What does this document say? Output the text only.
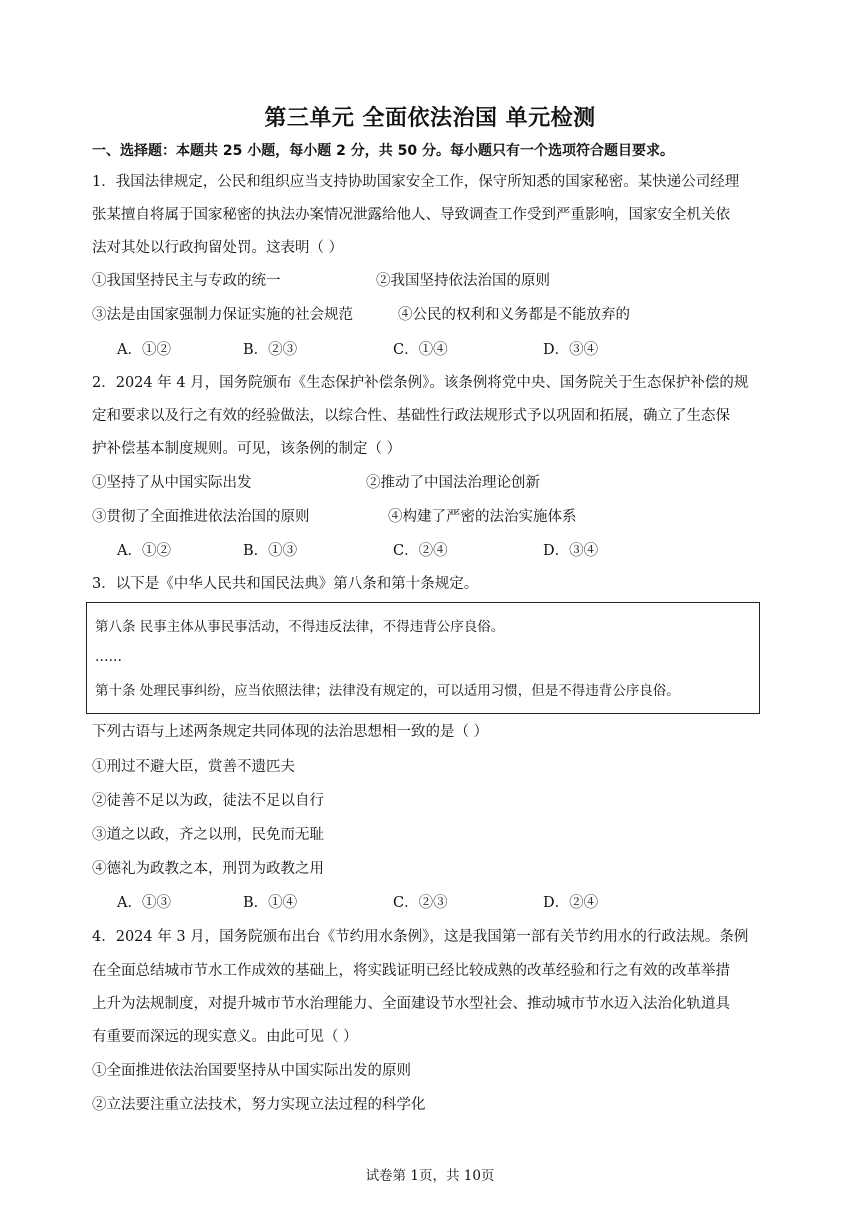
第三单元 全面依法治国 单元检测
一、选择题：本题共 25 小题，每小题 2 分，共 50 分。每小题只有一个选项符合题目要求。
1．我国法律规定，公民和组织应当支持协助国家安全工作，保守所知悉的国家秘密。某快递公司经理
张某擅自将属于国家秘密的执法办案情况泄露给他人、导致调查工作受到严重影响，国家安全机关依
法对其处以行政拘留处罚。这表明（ ）
①我国坚持民主与专政的统一	②我国坚持依法治国的原则
③法是由国家强制力保证实施的社会规范	④公民的权利和义务都是不能放弃的
A．①②	B．②③	C．①④	D．③④
2．2024 年 4 月，国务院颁布《生态保护补偿条例》。该条例将党中央、国务院关于生态保护补偿的规
定和要求以及行之有效的经验做法，以综合性、基础性行政法规形式予以巩固和拓展，确立了生态保
护补偿基本制度规则。可见，该条例的制定（ ）
①坚持了从中国实际出发	②推动了中国法治理论创新
③贯彻了全面推进依法治国的原则	④构建了严密的法治实施体系
A．①②	B．①③	C．②④	D．③④
3．以下是《中华人民共和国民法典》第八条和第十条规定。
第八条 民事主体从事民事活动，不得违反法律，不得违背公序良俗。
……
第十条 处理民事纠纷，应当依照法律；法律没有规定的，可以适用习惯，但是不得违背公序良俗。
下列古语与上述两条规定共同体现的法治思想相一致的是（ ）
①刑过不避大臣，赏善不遗匹夫
②徒善不足以为政，徒法不足以自行
③道之以政，齐之以刑，民免而无耻
④德礼为政教之本，刑罚为政教之用
A．①③	B．①④	C．②③	D．②④
4．2024 年 3 月，国务院颁布出台《节约用水条例》，这是我国第一部有关节约用水的行政法规。条例
在全面总结城市节水工作成效的基础上，将实践证明已经比较成熟的改革经验和行之有效的改革举措
上升为法规制度，对提升城市节水治理能力、全面建设节水型社会、推动城市节水迈入法治化轨道具
有重要而深远的现实意义。由此可见（ ）
①全面推进依法治国要坚持从中国实际出发的原则
②立法要注重立法技术，努力实现立法过程的科学化
试卷第 1页，共 10页
